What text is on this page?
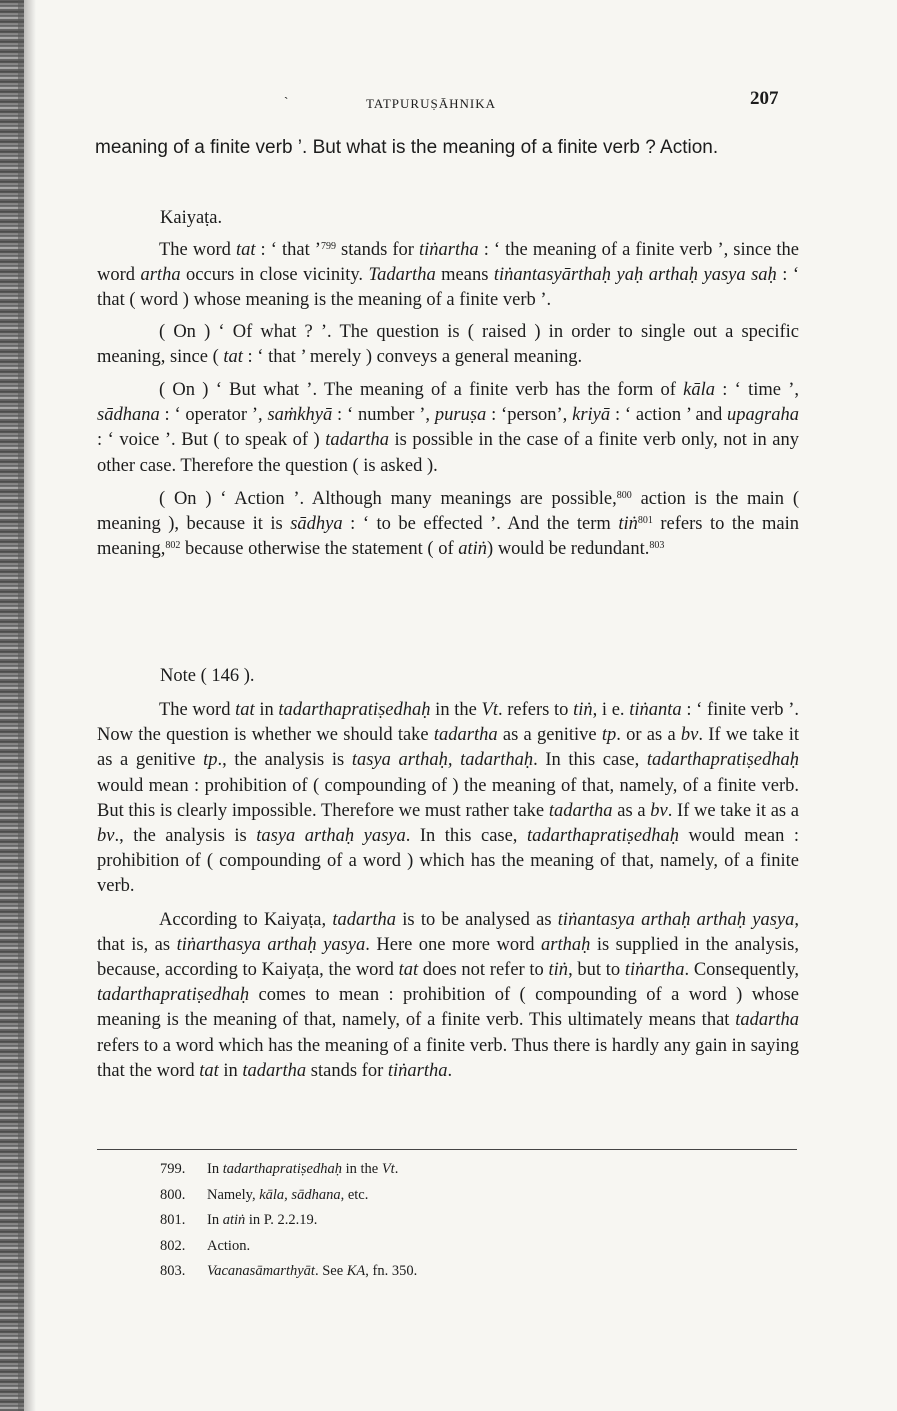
ˋ	TATPURUṢĀHNIKA	207
meaning of a finite verb ’. But what is the meaning of a finite verb ? Action.
Kaiyaṭa.

The word tat : ‘ that ’$^{799}$ stands for tiṅartha : ‘ the meaning of a finite verb ’, since the word artha occurs in close vicinity. Tadartha means tiṅantasyārthaḥ yaḥ arthaḥ yasya saḥ : ‘ that ( word ) whose meaning is the meaning of a finite verb ’.

( On ) ‘ Of what ? ’. The question is ( raised ) in order to single out a specific meaning, since ( tat : ‘ that ’ merely ) conveys a general meaning.

( On ) ‘ But what ’. The meaning of a finite verb has the form of kāla : ‘ time ’, sādhana : ‘ operator ’, saṁkhyā : ‘ number ’, puruṣa : ‘person’, kriyā : ‘ action ’ and upagraha : ‘ voice ’. But ( to speak of ) tadartha is possible in the case of a finite verb only, not in any other case. Therefore the question ( is asked ).

( On ) ‘ Action ’. Although many meanings are possible,$^{800}$ action is the main ( meaning ), because it is sādhya : ‘ to be effected ’. And the term tiṅ$^{801}$ refers to the main meaning,$^{802}$ because otherwise the statement ( of atiṅ) would be redundant.$^{803}$

Note ( 146 ).

The word tat in tadarthapratiṣedhaḥ in the Vt. refers to tiṅ, i e. tiṅanta : ‘ finite verb ’. Now the question is whether we should take tadartha as a genitive tp. or as a bv. If we take it as a genitive tp., the analysis is tasya arthaḥ, tadarthaḥ. In this case, tadarthapratiṣedhaḥ would mean : prohibition of ( compounding of ) the meaning of that, namely, of a finite verb. But this is clearly impossible. Therefore we must rather take tadartha as a bv. If we take it as a bv., the analysis is tasya arthaḥ yasya. In this case, tadarthapratiṣedhaḥ would mean : prohibition of ( compounding of a word ) which has the meaning of that, namely, of a finite verb.

According to Kaiyaṭa, tadartha is to be analysed as tiṅantasya arthaḥ arthaḥ yasya, that is, as tiṅarthasya arthaḥ yasya. Here one more word arthaḥ is supplied in the analysis, because, according to Kaiyaṭa, the word tat does not refer to tiṅ, but to tiṅartha. Consequently, tadarthapratiṣedhaḥ comes to mean : prohibition of ( compounding of a word ) whose meaning is the meaning of that, namely, of a finite verb. This ultimately means that tadartha refers to a word which has the meaning of a finite verb. Thus there is hardly any gain in saying that the word tat in tadartha stands for tiṅartha.

799. In tadarthapratiṣedhaḥ in the Vt.
800. Namely, kāla, sādhana, etc.
801. In atiṅ in P. 2.2.19.
802. Action.
803. Vacanasāmarthyāt. See KA, fn. 350.
